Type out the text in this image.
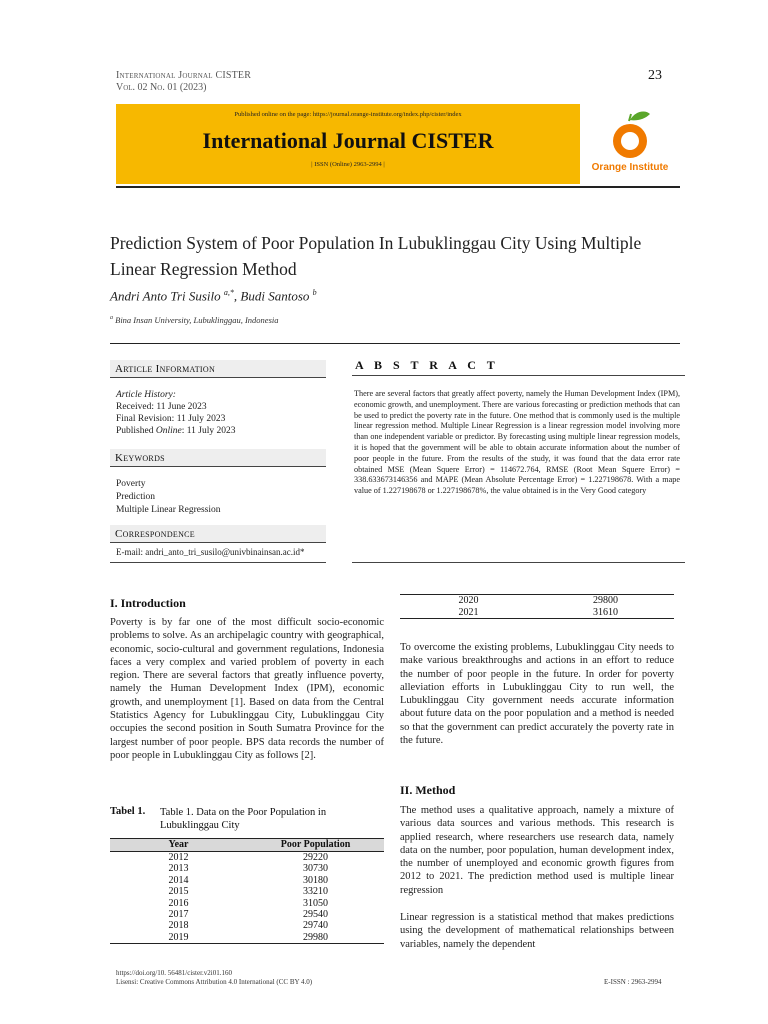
International Journal CISTER
Vol. 02 No. 01 (2023)
23
Published online on the page: https://journal.orange-institute.org/index.php/cister/index
International Journal CISTER
| ISSN (Online) 2963-2994 |	Orange Institute
Prediction System of Poor Population In Lubuklinggau City Using Multiple Linear Regression Method
Andri Anto Tri Susilo $^{a,*}$, Budi Santoso $^b$
$^a$ Bina Insan University, Lubuklinggau, Indonesia
Article Information
Article History:
Received: 11 June 2023
Final Revision: 11 July 2023
Published Online: 11 July 2023
Keywords
Poverty
Prediction
Multiple Linear Regression
Correspondence
E-mail: andri_anto_tri_susilo@univbinainsan.ac.id*
A B S T R A C T
There are several factors that greatly affect poverty, namely the Human Development Index (IPM), economic growth, and unemployment. There are various forecasting or prediction methods that can be used to predict the poverty rate in the future. One method that is commonly used is the multiple linear regression method. Multiple Linear Regression is a linear regression model involving more than one independent variable or predictor. By forecasting using multiple linear regression models, it is hoped that the government will be able to obtain accurate information about the number of poor people in the future. From the results of the study, it was found that the data error rate obtained MSE (Mean Squere Error) = 114672.764, RMSE (Root Mean Squere Error) = 338.633673146356 and MAPE (Mean Absolute Percentage Error) = 1.227198678. With a mape value of 1.227198678 or 1.227198678%, the value obtained is in the Very Good category
I. Introduction
Poverty is by far one of the most difficult socio-economic problems to solve. As an archipelagic country with geographical, economic, socio-cultural and government regulations, Indonesia faces a very complex and varied problem of poverty in each region. There are several factors that greatly influence poverty, namely the Human Development Index (IPM), economic growth, and unemployment [1]. Based on data from the Central Statistics Agency for Lubuklinggau City, Lubuklinggau City occupies the second position in South Sumatra Province for the largest number of poor people. BPS data records the number of poor people in Lubuklinggau City as follows [2].
Tabel 1. Table 1. Data on the Poor Population in Lubuklinggau City
Year	Poor Population
2012	29220
2013	30730
2014	30180
2015	33210
2016	31050
2017	29540
2018	29740
2019	29980
2020	29800
2021	31610
To overcome the existing problems, Lubuklinggau City needs to make various breakthroughs and actions in an effort to reduce the number of poor people in the future. In order for poverty alleviation efforts in Lubuklinggau City to run well, the Lubuklinggau City government needs accurate information about future data on the poor population and a method is needed so that the government can predict accurately the poverty rate in the future.
II. Method
The method uses a qualitative approach, namely a mixture of various data sources and various methods. This research is applied research, where researchers use research data, namely data on the number, poor population, human development index, the number of unemployed and economic growth figures from 2012 to 2021. The prediction method used is multiple linear regression
Linear regression is a statistical method that makes predictions using the development of mathematical relationships between variables, namely the dependent
https://doi.org/10. 56481/cister.v2i01.160
Lisensi: Creative Commons Attribution 4.0 International (CC BY 4.0)	E-ISSN : 2963-2994
